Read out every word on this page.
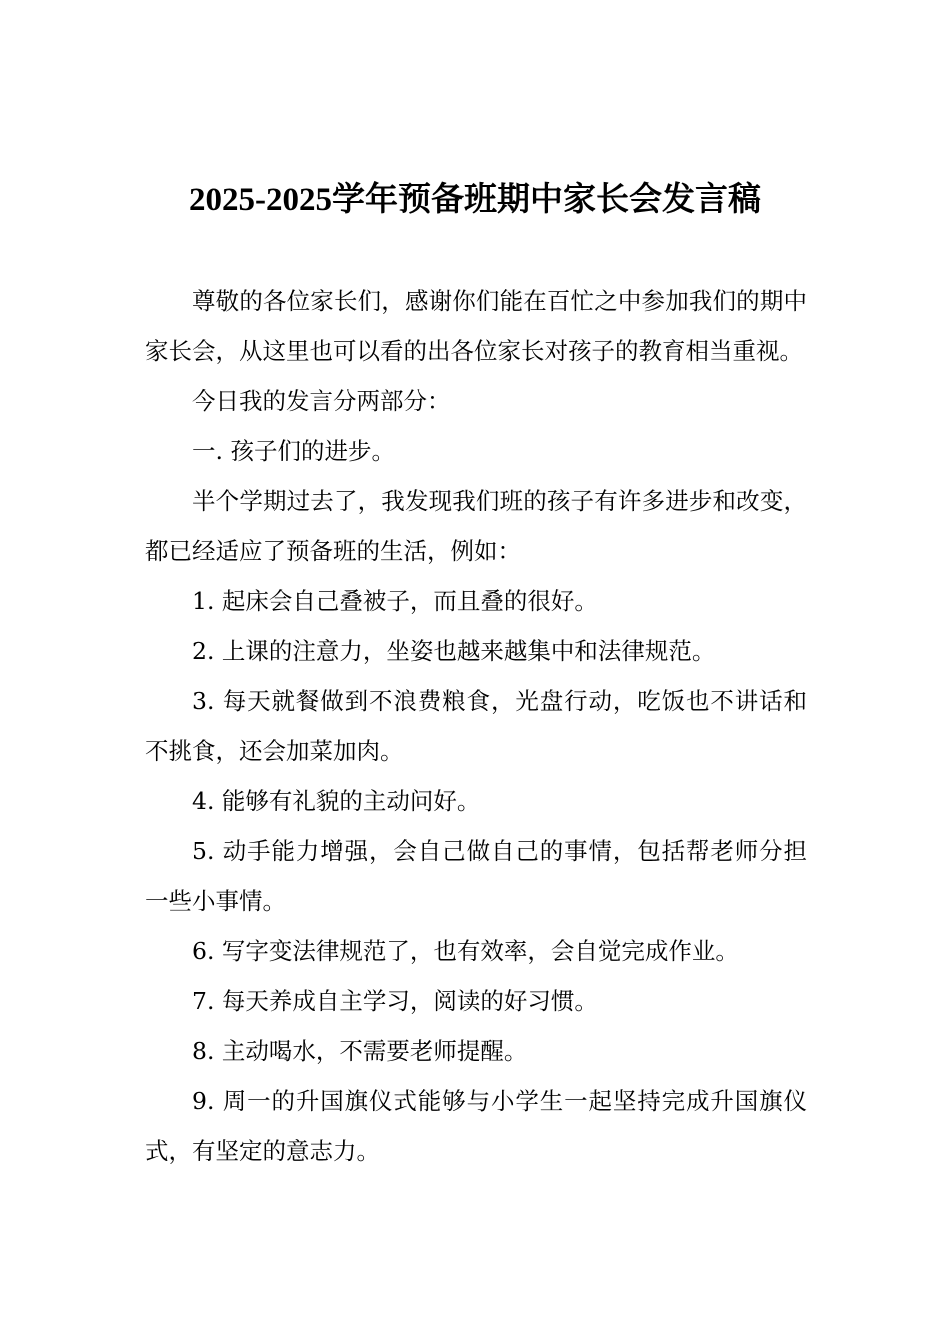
2025-2025学年预备班期中家长会发言稿

尊敬的各位家长们，感谢你们能在百忙之中参加我们的期中家长会，从这里也可以看的出各位家长对孩子的教育相当重视。

今日我的发言分两部分：

一. 孩子们的进步。

半个学期过去了，我发现我们班的孩子有许多进步和改变，都已经适应了预备班的生活，例如：

1. 起床会自己叠被子，而且叠的很好。

2. 上课的注意力，坐姿也越来越集中和法律规范。

3. 每天就餐做到不浪费粮食，光盘行动，吃饭也不讲话和不挑食，还会加菜加肉。

4. 能够有礼貌的主动问好。

5. 动手能力增强，会自己做自己的事情，包括帮老师分担一些小事情。

6. 写字变法律规范了，也有效率，会自觉完成作业。

7. 每天养成自主学习，阅读的好习惯。

8. 主动喝水，不需要老师提醒。

9. 周一的升国旗仪式能够与小学生一起坚持完成升国旗仪式，有坚定的意志力。
